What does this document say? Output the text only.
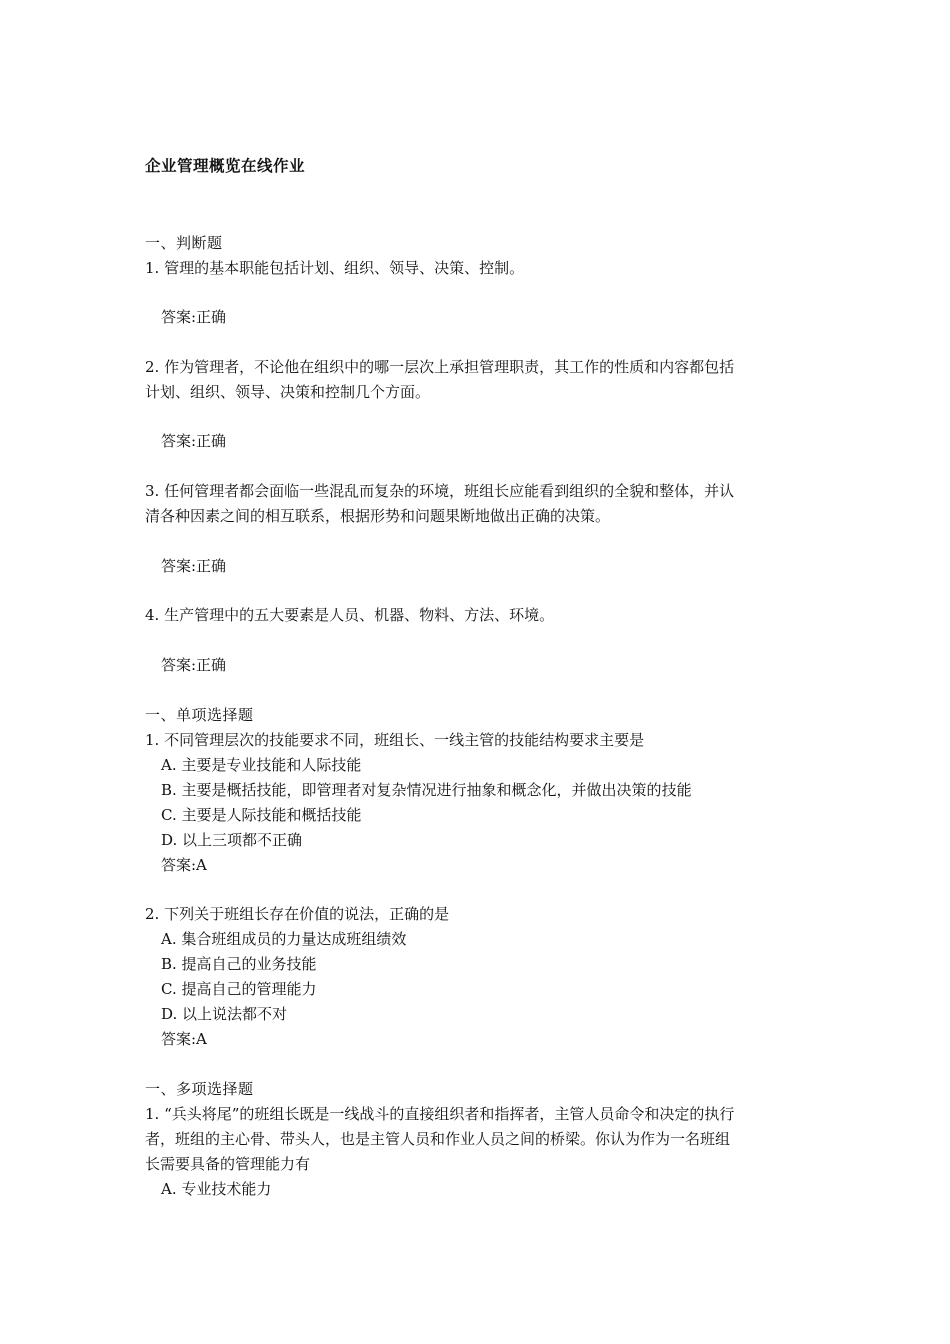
企业管理概览在线作业
一、判断题
1. 管理的基本职能包括计划、组织、领导、决策、控制。
答案:正确
2. 作为管理者，不论他在组织中的哪一层次上承担管理职责，其工作的性质和内容都包括
计划、组织、领导、决策和控制几个方面。
答案:正确
3. 任何管理者都会面临一些混乱而复杂的环境，班组长应能看到组织的全貌和整体，并认
清各种因素之间的相互联系，根据形势和问题果断地做出正确的决策。
答案:正确
4. 生产管理中的五大要素是人员、机器、物料、方法、环境。
答案:正确
一、单项选择题
1. 不同管理层次的技能要求不同，班组长、一线主管的技能结构要求主要是
A. 主要是专业技能和人际技能
B. 主要是概括技能，即管理者对复杂情况进行抽象和概念化，并做出决策的技能
C. 主要是人际技能和概括技能
D. 以上三项都不正确
答案:A
2. 下列关于班组长存在价值的说法，正确的是
A. 集合班组成员的力量达成班组绩效
B. 提高自己的业务技能
C. 提高自己的管理能力
D. 以上说法都不对
答案:A
一、多项选择题
1. “兵头将尾”的班组长既是一线战斗的直接组织者和指挥者，主管人员命令和决定的执行
者，班组的主心骨、带头人，也是主管人员和作业人员之间的桥梁。你认为作为一名班组
长需要具备的管理能力有
A. 专业技术能力
